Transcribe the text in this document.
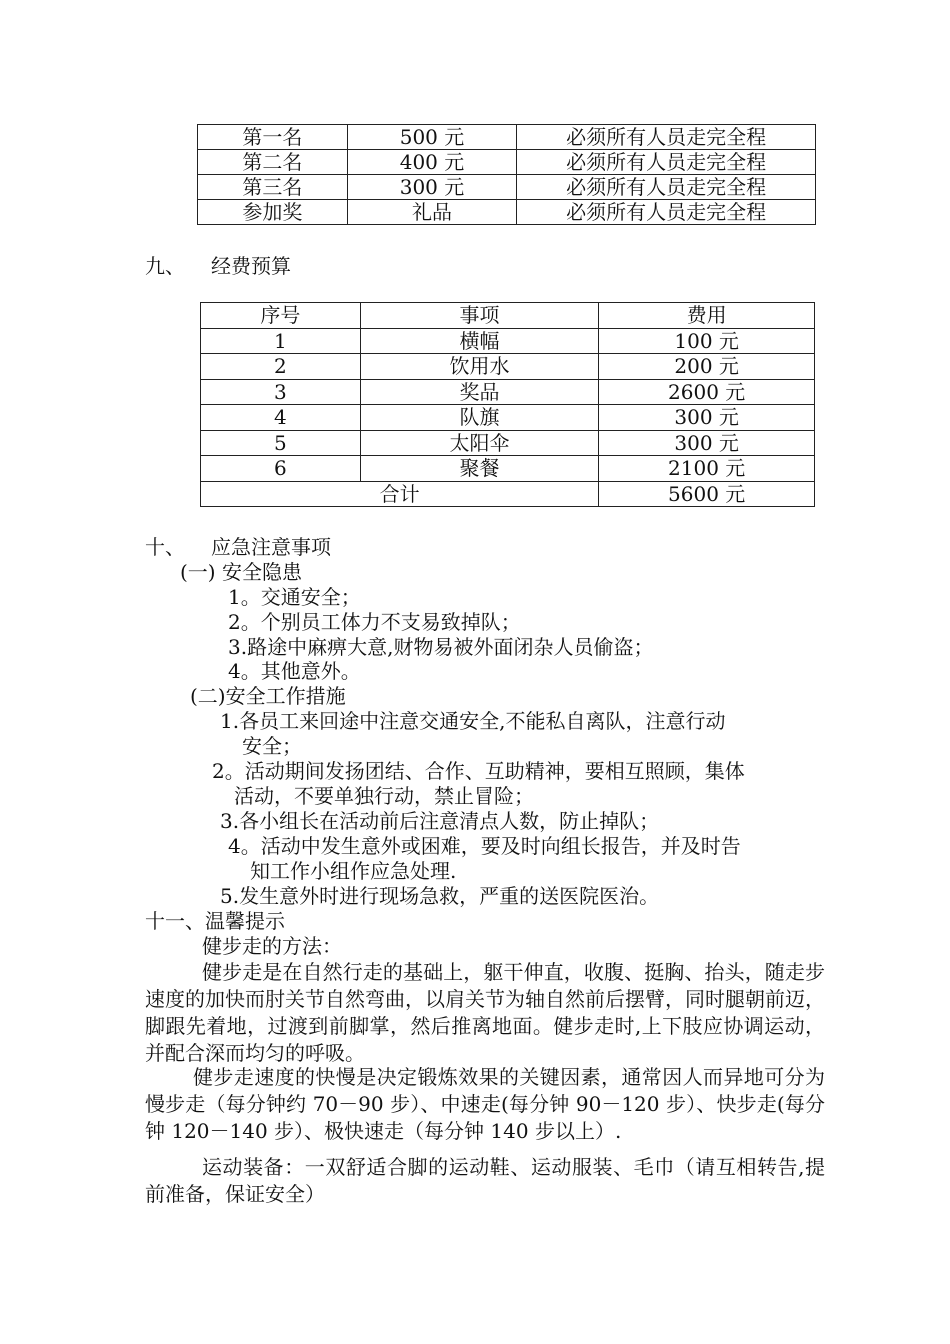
第一名	500 元	必须所有人员走完全程
第二名	400 元	必须所有人员走完全程
第三名	300 元	必须所有人员走完全程
参加奖	礼品	必须所有人员走完全程
九、 经费预算
序号	事项	费用
1	横幅	100 元
2	饮用水	200 元
3	奖品	2600 元
4	队旗	300 元
5	太阳伞	300 元
6	聚餐	2100 元
合计		5600 元
十、 应急注意事项
(一) 安全隐患
1。交通安全；
2。个别员工体力不支易致掉队；
3.路途中麻痹大意,财物易被外面闭杂人员偷盗；
4。其他意外。
(二)安全工作措施
1.各员工来回途中注意交通安全,不能私自离队，注意行动
安全；
2。活动期间发扬团结、合作、互助精神，要相互照顾，集体
活动，不要单独行动，禁止冒险；
3.各小组长在活动前后注意清点人数，防止掉队；
4。活动中发生意外或困难，要及时向组长报告，并及时告
知工作小组作应急处理.
5.发生意外时进行现场急救，严重的送医院医治。
十一、温馨提示
健步走的方法：
健步走是在自然行走的基础上，躯干伸直，收腹、挺胸、抬头，随走步速度的加快而肘关节自然弯曲，以肩关节为轴自然前后摆臂，同时腿朝前迈，脚跟先着地，过渡到前脚掌，然后推离地面。健步走时,上下肢应协调运动，并配合深而均匀的呼吸。
健步走速度的快慢是决定锻炼效果的关键因素，通常因人而异地可分为慢步走（每分钟约 70－90 步）、中速走(每分钟 90－120 步）、快步走(每分钟 120－140 步）、极快速走（每分钟 140 步以上）.
运动装备：一双舒适合脚的运动鞋、运动服装、毛巾（请互相转告,提前准备，保证安全）
